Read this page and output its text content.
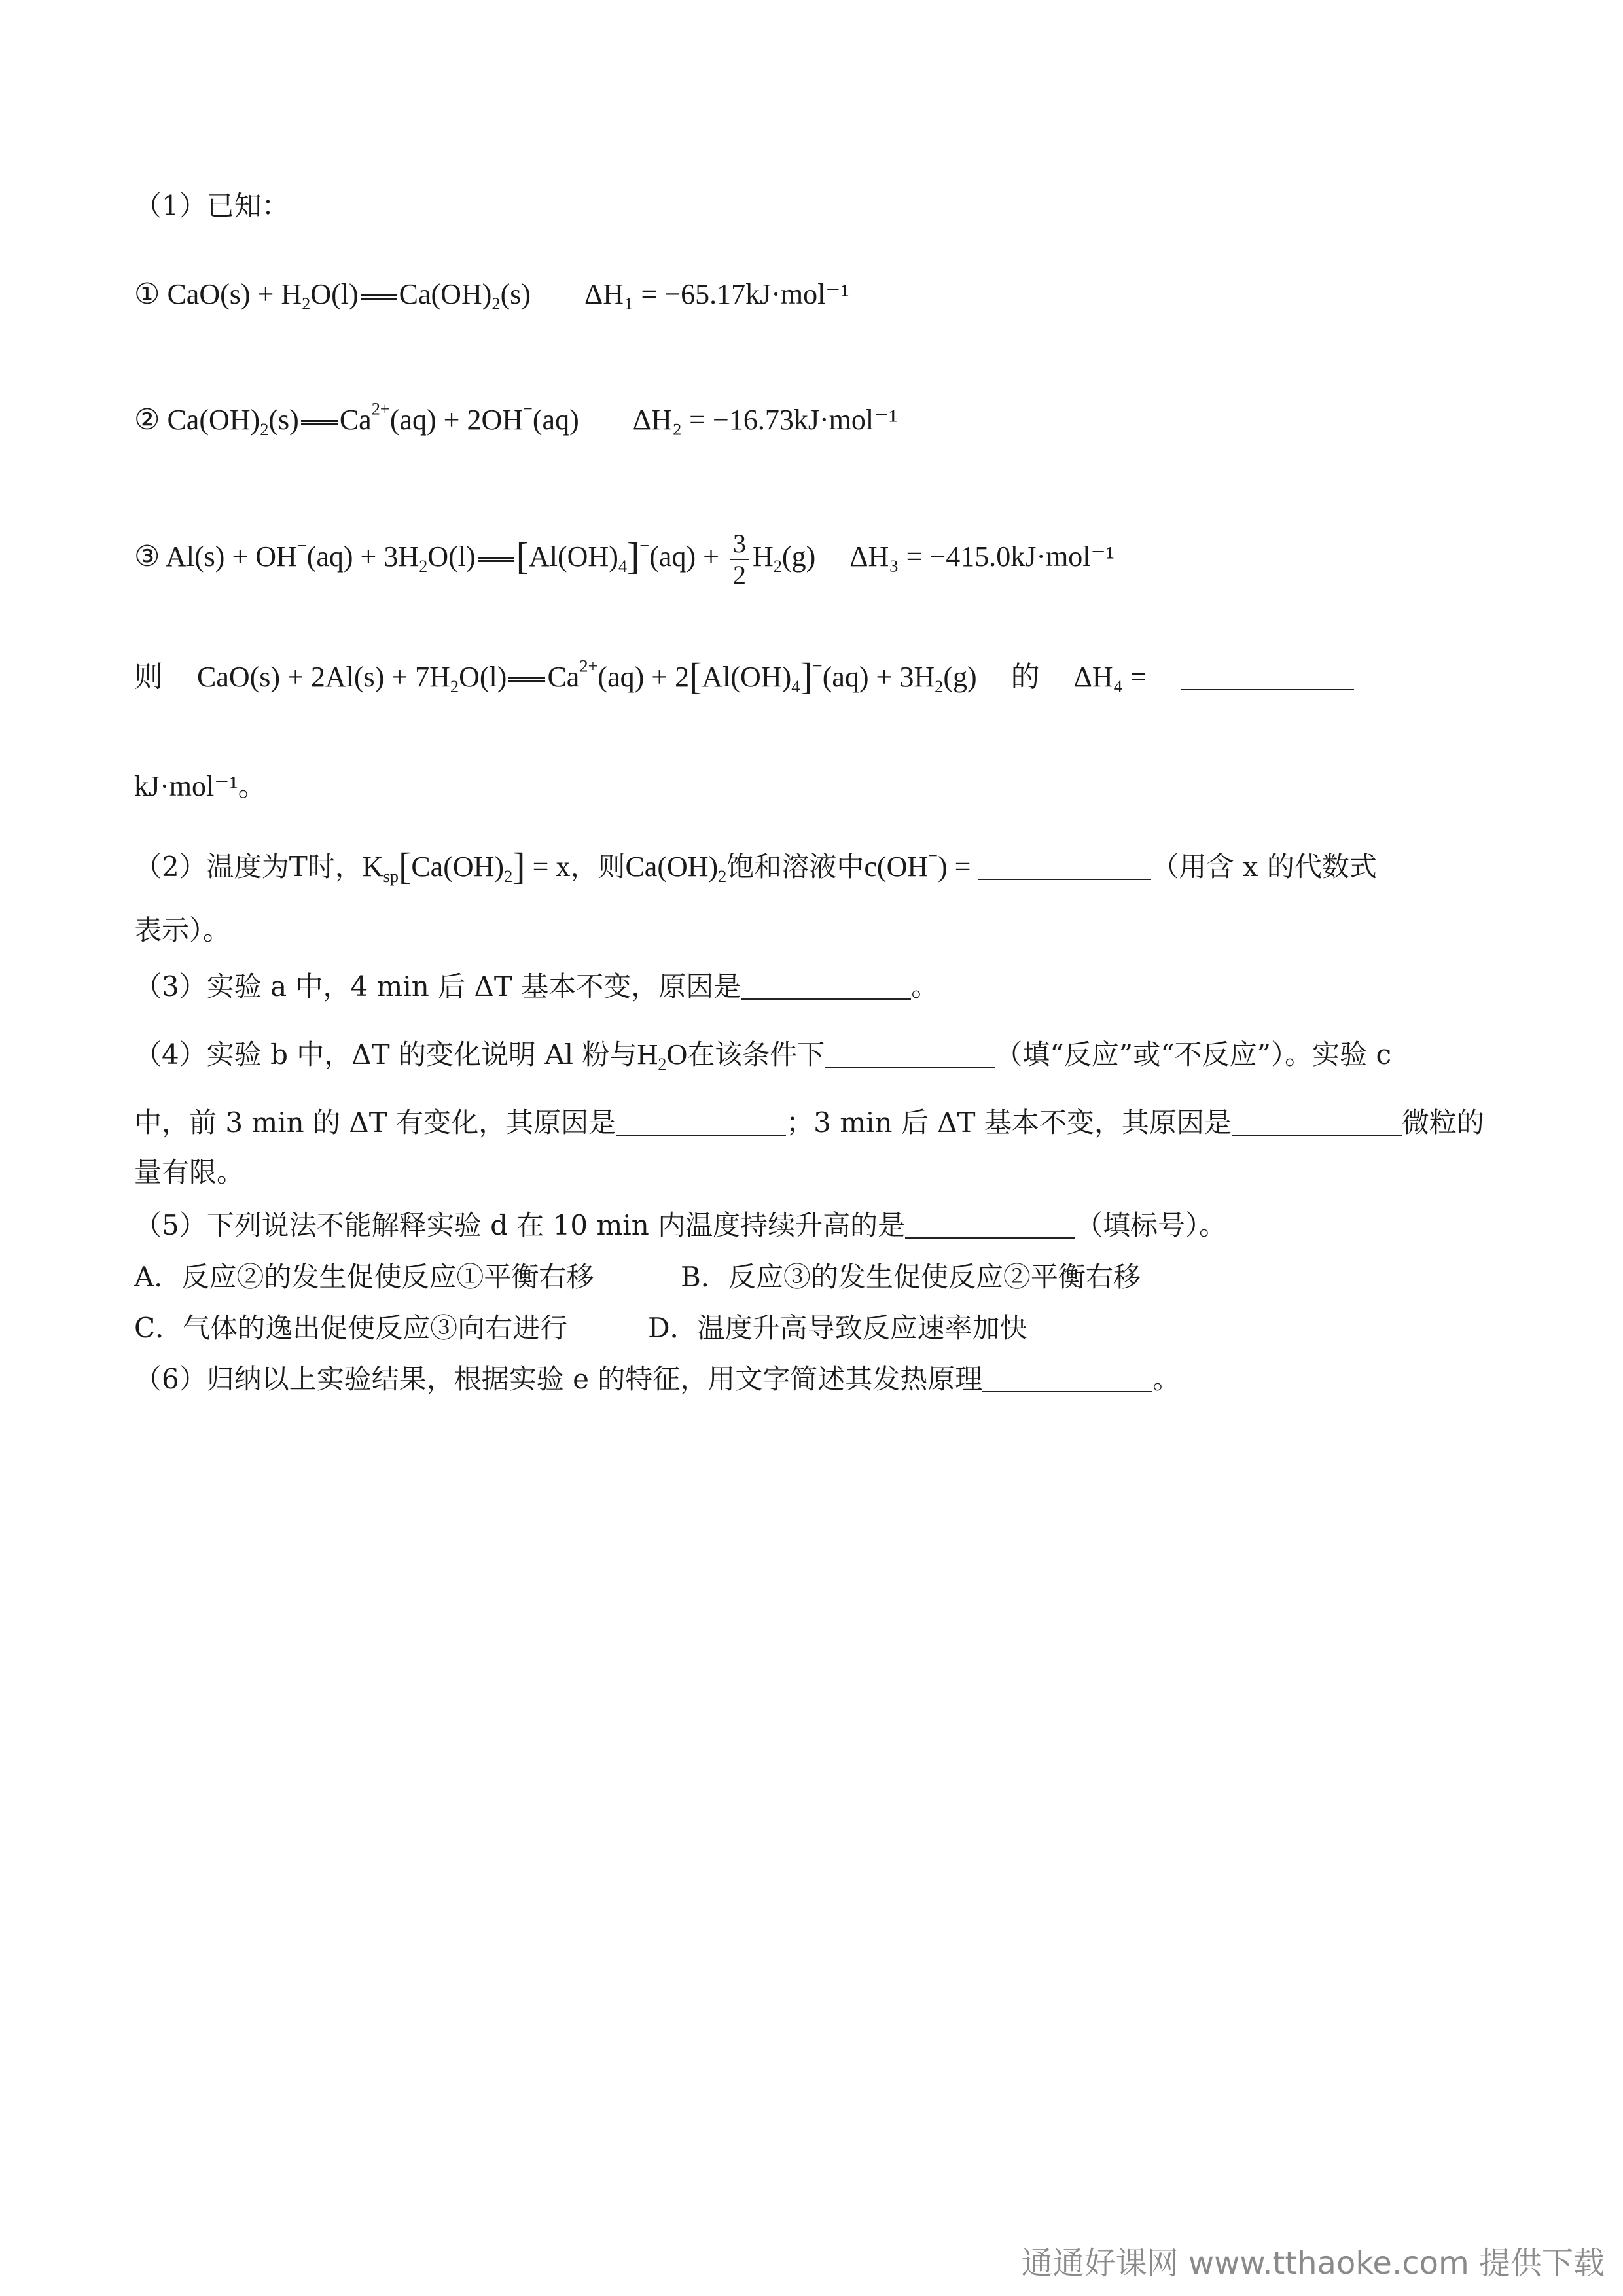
（1）已知：
① $CaO(s) + H_2O(l)$ $Ca(OH)_2(s) \Delta H_1 = -65.17kJ\cdot mol^{-1}$
② $Ca(OH)_2(s) Ca^{2+}(aq) + 2OH^-(aq) \Delta H_2 = -16.73kJ\cdot mol^{-1}$
③ $Al(s) + OH^-(aq) + 3H_2O(l) [Al(OH)_4]^-(aq) + \frac{3}{2} H_2(g) \Delta H_3 = -415.0kJ\cdot mol^{-1}$
则 $CaO(s) + 2Al(s) + 7H_2O(l) Ca^{2+}(aq) + 2[Al(OH)_4]^-(aq) + 3H_2(g)$ 的 ΔH₄ =
kJ·mol⁻¹。
（2）温度为T时，$K_{sp}[Ca(OH)_2] = x$，则$Ca(OH)_2$饱和溶液中c(OH−) =	（用含 x 的代数式
表示）。
（3）实验 a 中，4 min 后 ΔT 基本不变，原因是	。
（4）实验 b 中，ΔT 的变化说明 Al 粉与$H_2O$在该条件下	（填“反应”或“不反应”）。实验 c
中，前 3 min 的 ΔT 有变化，其原因是	；3 min 后 ΔT 基本不变，其原因是	微粒的
量有限。
（5）下列说法不能解释实验 d 在 10 min 内温度持续升高的是	（填标号）。
A．反应②的发生促使反应①平衡右移	B．反应③的发生促使反应②平衡右移
C．气体的逸出促使反应③向右进行	D．温度升高导致反应速率加快
（6）归纳以上实验结果，根据实验 e 的特征，用文字简述其发热原理	。
通通好课网 www.tthaoke.com 提供下载
